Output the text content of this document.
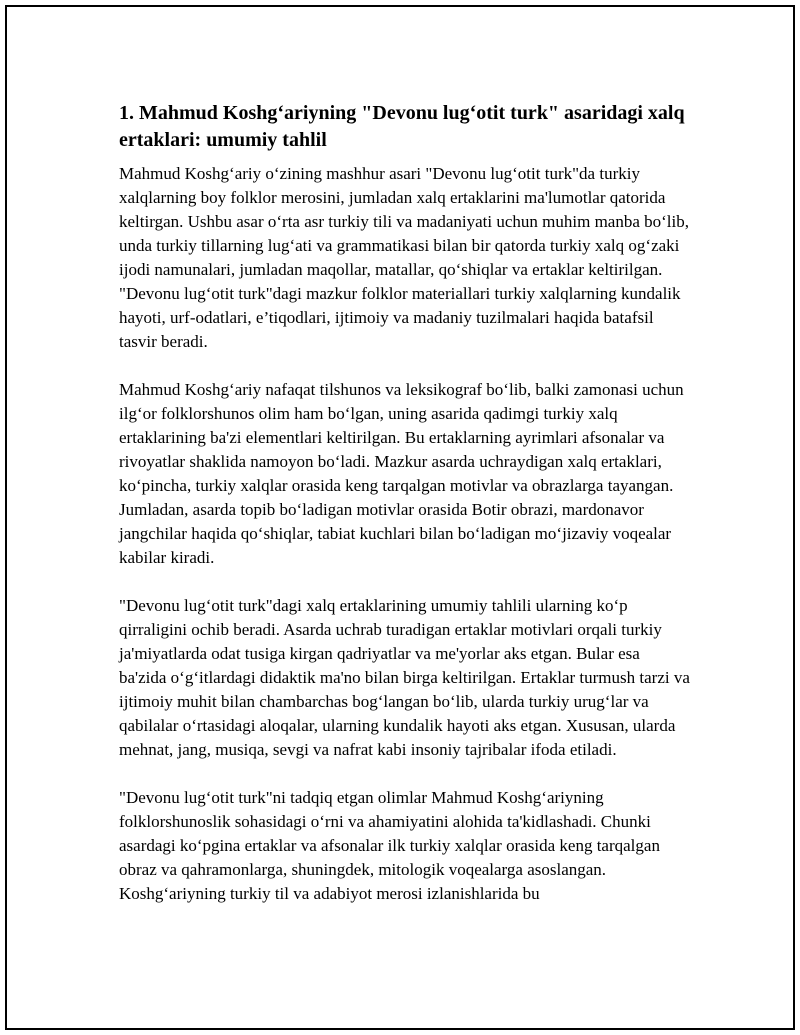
1. Mahmud Koshg‘ariyning "Devonu lug‘otit turk" asaridagi xalq ertaklari: umumiy tahlil

Mahmud Koshg‘ariy o‘zining mashhur asari "Devonu lug‘otit turk"da turkiy xalqlarning boy folklor merosini, jumladan xalq ertaklarini ma'lumotlar qatorida keltirgan. Ushbu asar o‘rta asr turkiy tili va madaniyati uchun muhim manba bo‘lib, unda turkiy tillarning lug‘ati va grammatikasi bilan bir qatorda turkiy xalq og‘zaki ijodi namunalari, jumladan maqollar, matallar, qo‘shiqlar va ertaklar keltirilgan. "Devonu lug‘otit turk"dagi mazkur folklor materiallari turkiy xalqlarning kundalik hayoti, urf-odatlari, e’tiqodlari, ijtimoiy va madaniy tuzilmalari haqida batafsil tasvir beradi.

Mahmud Koshg‘ariy nafaqat tilshunos va leksikograf bo‘lib, balki zamonasi uchun ilg‘or folklorshunos olim ham bo‘lgan, uning asarida qadimgi turkiy xalq ertaklarining ba'zi elementlari keltirilgan. Bu ertaklarning ayrimlari afsonalar va rivoyatlar shaklida namoyon bo‘ladi. Mazkur asarda uchraydigan xalq ertaklari, ko‘pincha, turkiy xalqlar orasida keng tarqalgan motivlar va obrazlarga tayangan. Jumladan, asarda topib bo‘ladigan motivlar orasida Botir obrazi, mardonavor jangchilar haqida qo‘shiqlar, tabiat kuchlari bilan bo‘ladigan mo‘jizaviy voqealar kabilar kiradi.

"Devonu lug‘otit turk"dagi xalq ertaklarining umumiy tahlili ularning ko‘p qirraligini ochib beradi. Asarda uchrab turadigan ertaklar motivlari orqali turkiy ja'miyatlarda odat tusiga kirgan qadriyatlar va me'yorlar aks etgan. Bular esa ba'zida o‘g‘itlardagi didaktik ma'no bilan birga keltirilgan. Ertaklar turmush tarzi va ijtimoiy muhit bilan chambarchas bog‘langan bo‘lib, ularda turkiy urug‘lar va qabilalar o‘rtasidagi aloqalar, ularning kundalik hayoti aks etgan. Xususan, ularda mehnat, jang, musiqa, sevgi va nafrat kabi insoniy tajribalar ifoda etiladi.

"Devonu lug‘otit turk"ni tadqiq etgan olimlar Mahmud Koshg‘ariyning folklorshunoslik sohasidagi o‘rni va ahamiyatini alohida ta'kidlashadi. Chunki asardagi ko‘pgina ertaklar va afsonalar ilk turkiy xalqlar orasida keng tarqalgan obraz va qahramonlarga, shuningdek, mitologik voqealarga asoslangan. Koshg‘ariyning turkiy til va adabiyot merosi izlanishlarida bu
